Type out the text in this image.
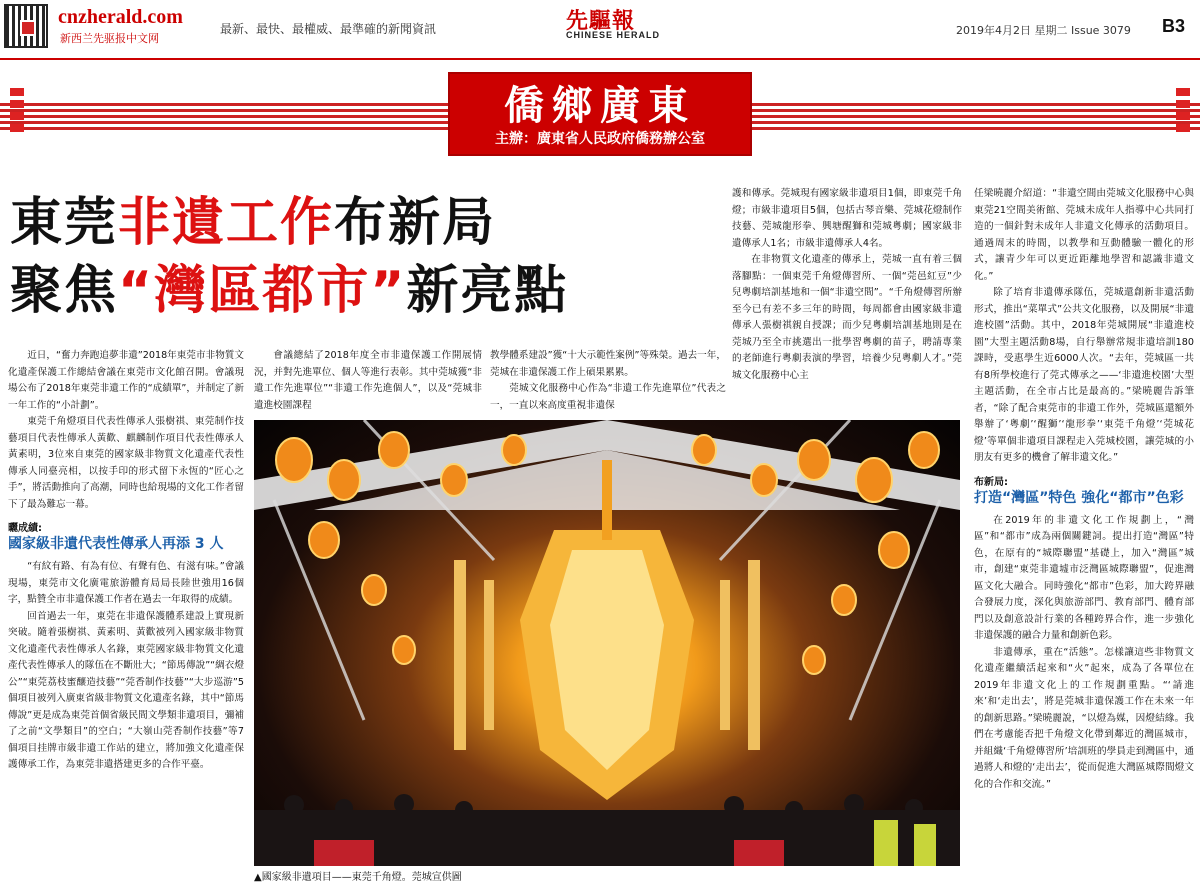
cnzherald.com
新西兰先驱报中文网
最新、最快、最權威、最準確的新聞資訊	先驅報
CHINESE HERALD	2019年4月2日 星期二 Issue 3079 B3
僑鄉廣東
主辦：廣東省人民政府僑務辦公室
東莞非遺工作布新局
聚焦“灣區都市”新亮點

近日，“奮力奔跑追夢非遺”2018年東莞市非物質文化遺產保護工作總結會議在東莞市文化館召開。會議現場公布了2018年東莞非遺工作的“成績單”，并制定了新一年工作的“小計劃”。

東莞千角燈項目代表性傳承人張樹祺、東莞制作技藝項目代表性傳承人黃歡、麒麟制作項目代表性傳承人黃素明，3位來自東莞的國家級非物質文化遺產代表性傳承人同臺亮相，以按手印的形式留下永恆的“匠心之手”，將活動推向了高潮，同時也給現場的文化工作者留下了最為難忘一幕。

曬成績:
國家級非遺代表性傳承人再添 3 人

“有紋有路、有為有位、有聲有色、有滋有味。”會議現場，東莞市文化廣電旅游體育局局長陸世強用16個字，點贊全市非遺保護工作者在過去一年取得的成績。

回首過去一年，東莞在非遺保護體系建設上實現新突破。隨着張樹祺、黃素明、黃歡被列入國家級非物質文化遺產代表性傳承人名錄，東莞國家級非物質文化遺產代表性傳承人的隊伍在不斷壯大；“節馬傳說”“綢衣燈公”“東莞荔枝蜜釀造技藝”“莞香制作技藝”“大步巡游”5個項目被列入廣東省級非物質文化遺產名錄，其中“節馬傳說”更是成為東莞首個省級民間文學類非遺項目，彌補了之前“文學類目”的空白；“大嶺山莞香制作技藝”等7個項目挂牌市級非遺工作站的建立，將加強文化遺產保護傳承工作，為東莞非遺搭建更多的合作平臺。

會議總結了2018年度全市非遺保護工作開展情況，并對先進單位、個人等進行表彰。其中莞城獲“非遺工作先進單位”“非遺工作先進個人”，以及“莞城非遺進校園課程

教學體系建設”獲“十大示範性案例”等殊榮。過去一年，莞城在非遺保護工作上碩果累累。

莞城文化服務中心作為“非遺工作先進單位”代表之一，一直以來高度重視非遺保

護和傳承。莞城現有國家級非遺項目1個，即東莞千角燈；市級非遺項目5個，包括古琴音樂、莞城花燈制作技藝、莞城龍形拳、興塘醒獅和莞城粵劇；國家級非遺傳承人1名；市級非遺傳承人4名。

在非物質文化遺產的傳承上，莞城一直有着三個落腳點：一個東莞千角燈傳習所、一個“莞邑紅豆”少兒粵劇培訓基地和一個“非遺空間”。“千角燈傳習所辦至今已有差不多三年的時間，每周都會由國家級非遺傳承人張樹祺親自授課；而少兒粵劇培訓基地則是在莞城乃至全市挑選出一批學習粵劇的苗子，聘請專業的老師進行粵劇表演的學習，培養少兒粵劇人才。”莞城文化服務中心主

任梁曉麗介紹道：“非遺空間由莞城文化服務中心與東莞21空間美術館、莞城未成年人指導中心共同打造的一個針對未成年人非遺文化傳承的活動項目。通過周末的時間，以教學和互動體驗一體化的形式，讓青少年可以更近距離地學習和認識非遺文化。”

除了培育非遺傳承隊伍，莞城還創新非遺活動形式，推出“菜單式”公共文化服務，以及開展“非遺進校園”活動。其中，2018年莞城開展“非遺進校園”大型主題活動8場，自行舉辦常規非遺培訓180課時，受惠學生近6000人次。“去年，莞城區一共有8所學校進行了莞式傳承之——‘非遺進校園’大型主題活動，在全市占比是最高的。”梁曉麗告訴筆者，“除了配合東莞市的非遺工作外，莞城區還額外舉辦了‘粵劇’‘醒獅’‘龍形拳’‘東莞千角燈’‘莞城花燈’等單個非遺項目課程走入莞城校園，讓莞城的小朋友有更多的機會了解非遺文化。”

布新局:
打造“灣區”特色 強化“都市”色彩

在2019年的非遺文化工作規劃上，“灣區”和“都市”成為兩個關鍵詞。提出打造“灣區”特色，在原有的“城際聯盟”基礎上，加入“灣區”城市，創建“東莞非遺墟市泛灣區城際聯盟”，促進灣區文化大融合。同時強化“都市”色彩，加大跨界融合發展力度，深化與旅游部門、教育部門、體育部門以及創意設計行業的各種跨界合作，進一步強化非遺保護的融合力量和創新色彩。

非遺傳承，重在“活態”。怎樣讓這些非物質文化遺產繼續活起來和“火”起來，成為了各單位在2019年非遺文化上的工作規劃重點。“‘請進來’和‘走出去’，將是莞城非遺保護工作在未來一年的創新思路。”梁曉麗說，“以燈為媒，因燈結緣。我們在考慮能否把千角燈文化帶到鄰近的灣區城市，并組織‘千角燈傳習所’培訓班的學員走到灣區中，通過將人和燈的‘走出去’，從而促進大灣區城際間燈文化的合作和交流。”

▲國家級非遺項目——東莞千角燈。莞城宣供圖
